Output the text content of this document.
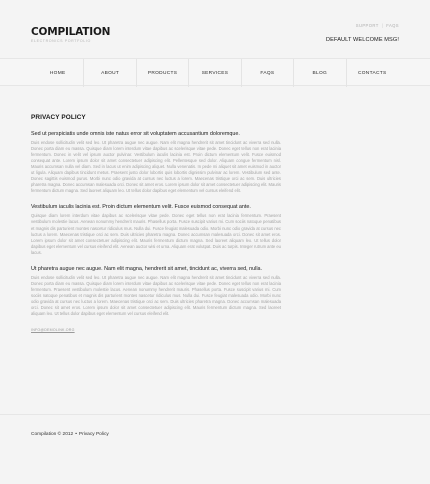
COMPILATION
ELECTRONICS PORTFOLIO
SUPPORT | FAQS
DEFAULT WELCOME MSG!
HOME	ABOUT	PRODUCTS	SERVICES	FAQS	BLOG	CONTACTS
PRIVACY POLICY
Sed ut perspiciatis unde omnis iste natus error sit voluptatem accusantium doloremque.
Duis endose sollicitudin velit sed leo. Ut pharetra augue nec augue. Nam elit magna hendrerit sit amet tincidunt ac viverra sed nulla. Donec porta diam eu massa. Quisque diam lorem interdum vitae dapibus ac scelerisque vitae pede. Donec eget tellus non erat lacinia fermentum. Donec in velit vel ipsum auctor pulvinar. Vestibulum iaculis lacinia est. Proin dictum elementum velit. Fusce euismod consequat ante. Lorem ipsum dolor sit amet consectetuer adipiscing elit. Pellentesque sed dolor. Aliquam congue fermentum nisl. Mauris accumsan nulla vel diam. Sed in lacus ut enim adipiscing aliquet. Nulla venenatis. In pede mi aliquet sit amet euismod in auctor ut ligula. Aliquam dapibus tincidunt metus. Praesent justo dolor lobortis quis lobortis dignissim pulvinar ac lorem. Vestibulum sed ante. Donec sagittis euismod purus. Morbi nunc odio gravida at cursus nec luctus a lorem. Maecenas tristique orci ac sem. Duis ultricies pharetra magna. Donec accumsan malesuada orci. Donec sit amet eros. Lorem ipsum dolor sit amet consectetuer adipiscing elit. Mauris fermentum dictum magna. Sed laoreet aliquam leo. Ut tellus dolor dapibus eget elementum vel cursus eleifend elit.
Vestibulum iaculis lacinia est. Proin dictum elementum velit. Fusce euismod consequat ante.
Quisque diam lorem interdum vitae dapibus ac scelerisque vitae pede. Donec eget tellus non erat lacinia fermentum. Praesent vestibulum molestie lacus. Aenean nonummy hendrerit mauris. Phasellus porta. Fusce suscipit varius mi. Cum sociis natoque penatibus et magnis dis parturient montes nascetur ridiculus mus. Nulla dui. Fusce feugiat malesuada odio. Morbi nunc odio gravida at cursus nec luctus a lorem. Maecenas tristique orci ac sem. Duis ultricies pharetra magna. Donec accumsan malesuada orci. Donec sit amet eros. Lorem ipsum dolor sit amet consectetuer adipiscing elit. Mauris fermentum dictum magna. Sed laoreet aliquam leo. Ut tellus dolor dapibus eget elementum vel cursus eleifend elit. Aenean auctor wisi et urna. Aliquam erat volutpat. Duis ac turpis. Integer rutrum ante eu lacus.
Ut pharetra augue nec augue. Nam elit magna, hendrerit sit amet, tincidunt ac, viverra sed, nulla.
Duis endose sollicitudin velit sed leo. Ut pharetra augue nec augue. Nam elit magna hendrerit sit amet tincidunt ac viverra sed nulla. Donec porta diam eu massa. Quisque diam lorem interdum vitae dapibus ac scelerisque vitae pede. Donec eget tellus non erat lacinia fermentum. Praesent vestibulum molestie lacus. Aenean nonummy hendrerit mauris. Phasellus porta. Fusce suscipit varius mi. Cum sociis natoque penatibus et magnis dis parturient montes nascetur ridiculus mus. Nulla dui. Fusce feugiat malesuada odio. Morbi nunc odio gravida at cursus nec luctus a lorem. Maecenas tristique orci ac sem. Duis ultricies pharetra magna. Donec accumsan malesuada orci. Donec sit amet eros. Lorem ipsum dolor sit amet consectetuer adipiscing elit. Mauris fermentum dictum magna. Sed laoreet aliquam leo. Ut tellus dolor dapibus eget elementum vel cursus eleifend elit.
INFO@DEMOLINK.ORG
Compilation © 2012 • Privacy Policy
